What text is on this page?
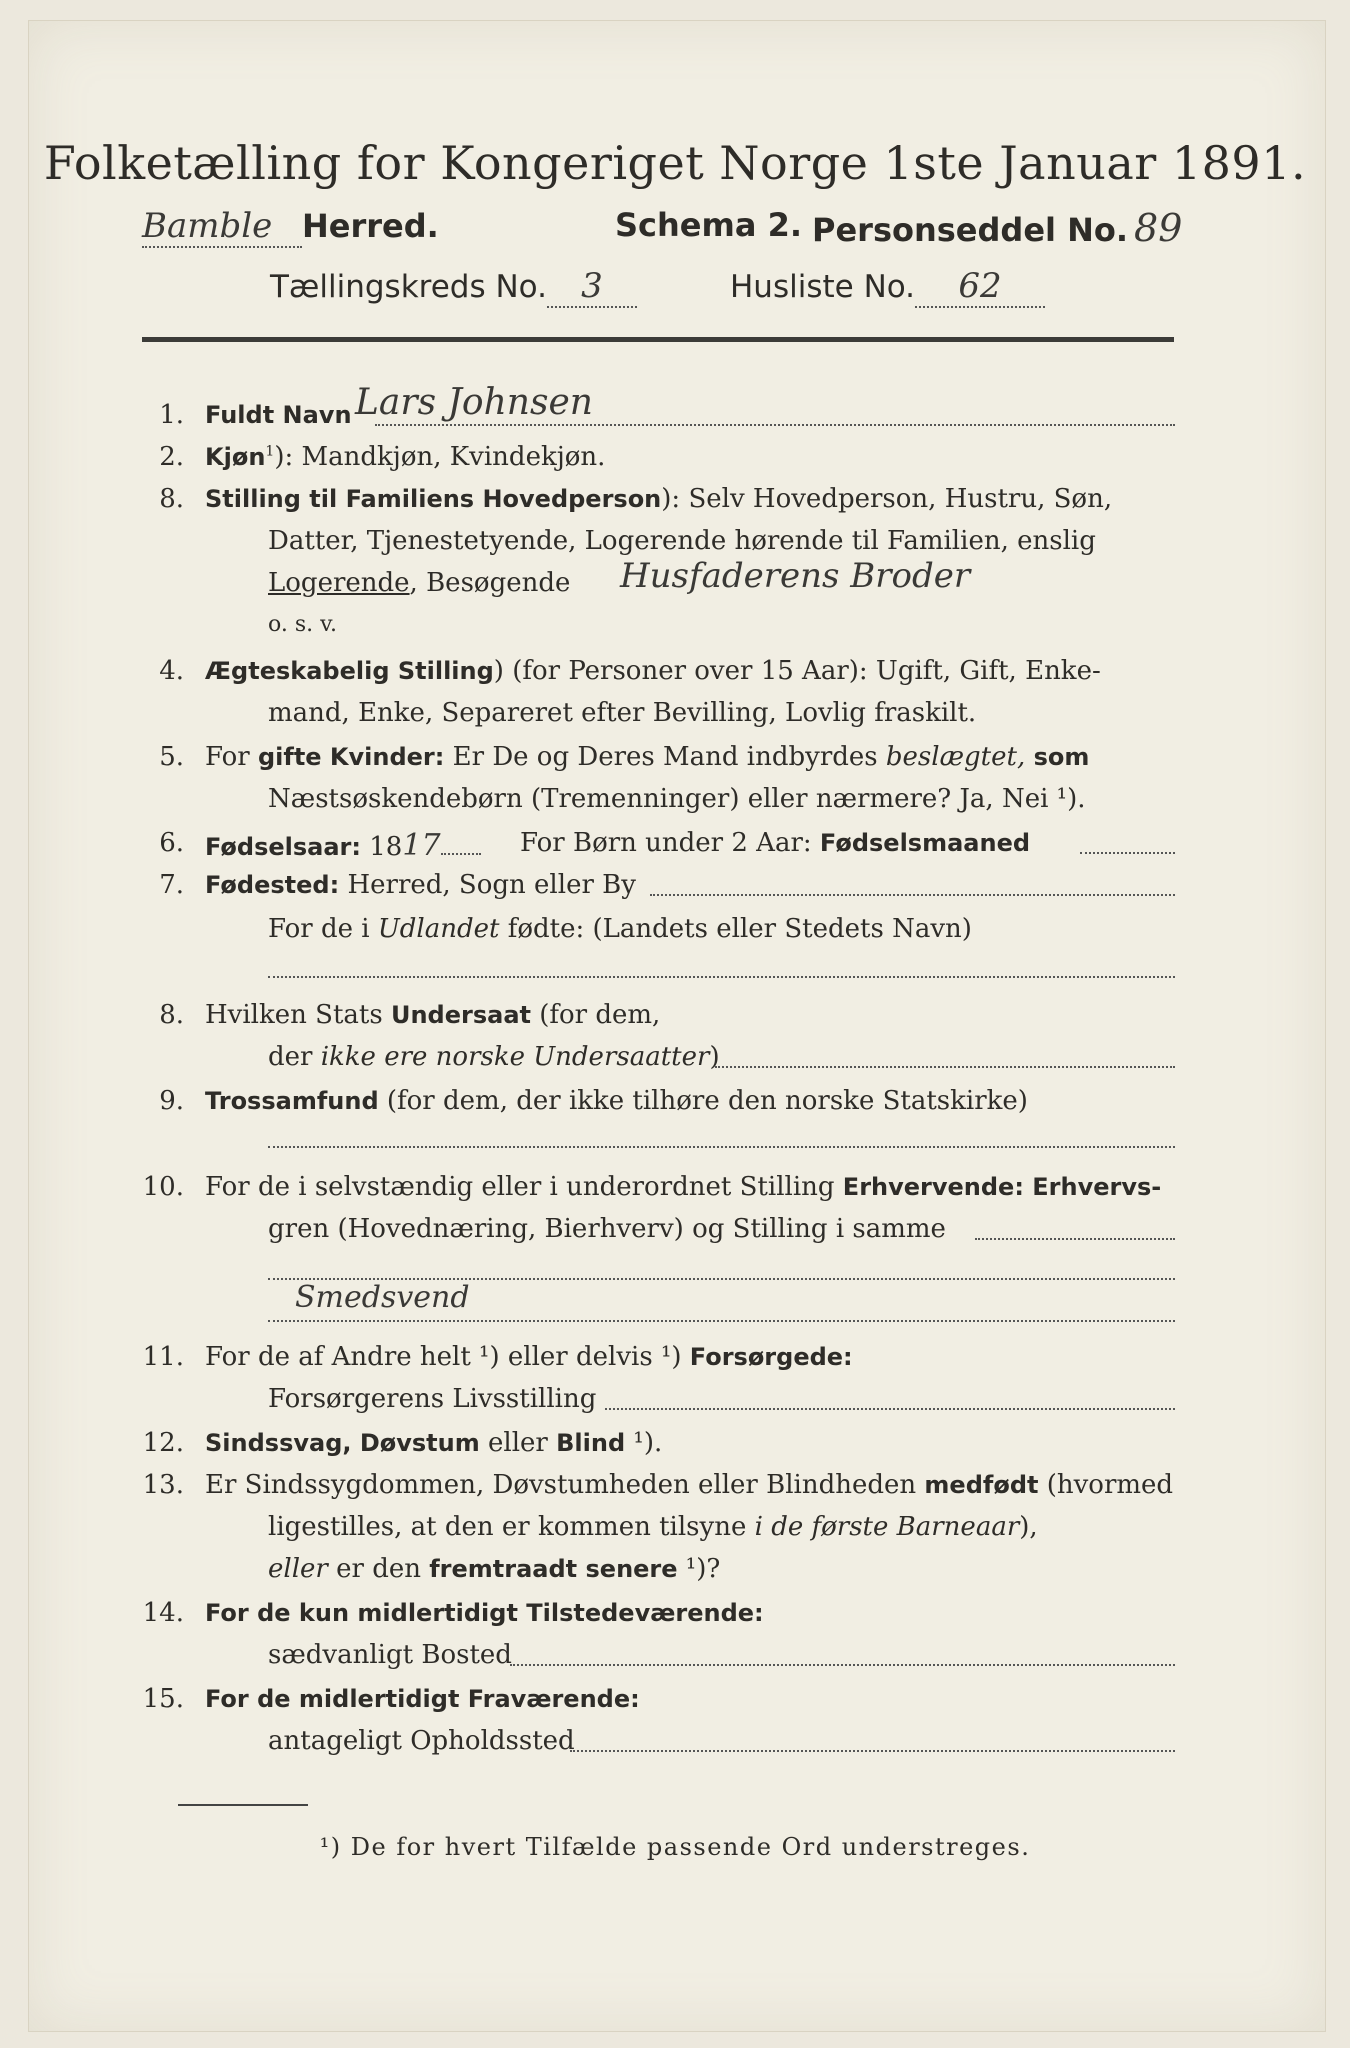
Folketælling for Kongeriget Norge 1ste Januar 1891.
Bamble Herred.	Schema 2. Personseddel No. 89
Tællingskreds No. 3	Husliste No. 62
1. Fuldt Navn Lars Johnsen
2. Kjøn$^1$): Mandkjøn, Kvindekjøn.
8. Stilling til Familiens Hovedperson): Selv Hovedperson, Hustru, Søn,
Datter, Tjenestetyende, Logerende hørende til Familien, enslig
Logerende, Besøgende	Husfaderens Broder
o. s. v.
4. Ægteskabelig Stilling) (for Personer over 15 Aar): Ugift, Gift, Enke-
mand, Enke, Separeret efter Bevilling, Lovlig fraskilt.
5. For gifte Kvinder: Er De og Deres Mand indbyrdes beslægtet, som
Næstsøskendebørn (Tremenninger) eller nærmere? Ja, Nei ¹).
6. Fødselsaar: 1817	For Børn under 2 Aar: Fødselsmaaned
7. Fødested: Herred, Sogn eller By
For de i Udlandet fødte: (Landets eller Stedets Navn)
8. Hvilken Stats Undersaat (for dem,
der ikke ere norske Undersaatter)
9. Trossamfund (for dem, der ikke tilhøre den norske Statskirke)
10. For de i selvstændig eller i underordnet Stilling Erhvervende: Erhvervs-
gren (Hovednæring, Bierhverv) og Stilling i samme
Smedsvend
11. For de af Andre helt ¹) eller delvis ¹) Forsørgede:
Forsørgerens Livsstilling
12. Sindssvag, Døvstum eller Blind ¹).
13. Er Sindssygdommen, Døvstumheden eller Blindheden medfødt (hvormed
ligestilles, at den er kommen tilsyne i de første Barneaar),
eller er den fremtraadt senere ¹)?
14. For de kun midlertidigt Tilstedeværende:
sædvanligt Bosted
15. For de midlertidigt Fraværende:
antageligt Opholdssted
¹) De for hvert Tilfælde passende Ord understreges.
